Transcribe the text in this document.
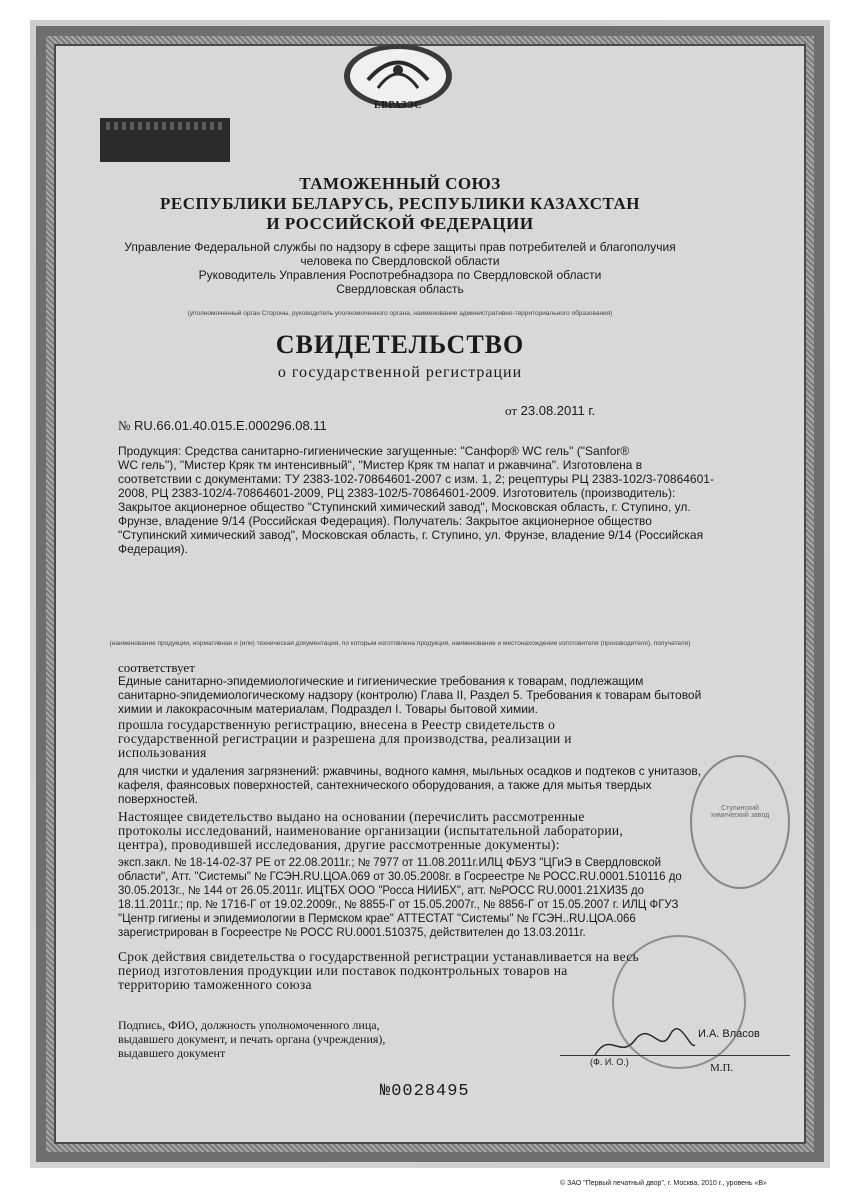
ЕВРАЗЭС
ТАМОЖЕННЫЙ СОЮЗ
РЕСПУБЛИКИ БЕЛАРУСЬ, РЕСПУБЛИКИ КАЗАХСТАН
И РОССИЙСКОЙ ФЕДЕРАЦИИ
Управление Федеральной службы по надзору в сфере защиты прав потребителей и благополучия
человека по Свердловской области
Руководитель Управления Роспотребнадзора по Свердловской области
Свердловская область
(уполномоченный орган Стороны, руководитель уполномоченного органа, наименование административно-территориального образования)
СВИДЕТЕЛЬСТВО
о государственной регистрации
№ RU.66.01.40.015.Е.000296.08.11
от 23.08.2011 г.
Продукция: Средства санитарно-гигиенические загущенные: "Санфор® WC гель" ("Sanfor®
WC гель"), "Мистер Кряк тм интенсивный", "Мистер Кряк тм напат и ржавчина". Изготовлена в
соответствии с документами: ТУ 2383-102-70864601-2007 с изм. 1, 2; рецептуры РЦ 2383-102/3-70864601-
2008, РЦ 2383-102/4-70864601-2009, РЦ 2383-102/5-70864601-2009. Изготовитель (производитель):
Закрытое акционерное общество "Ступинский химический завод", Московская область, г. Ступино, ул.
Фрунзе, владение 9/14 (Российская Федерация). Получатель: Закрытое акционерное общество
"Ступинский химический завод", Московская область, г. Ступино, ул. Фрунзе, владение 9/14 (Российская
Федерация).
(наименование продукции, нормативная и (или) техническая документация, по которым изготовлена продукция, наименование и местонахождение изготовителя (производителя), получателя)
соответствует
Единые санитарно-эпидемиологические и гигиенические требования к товарам, подлежащим
санитарно-эпидемиологическому надзору (контролю) Глава II, Раздел 5. Требования к товарам бытовой
химии и лакокрасочным материалам, Подраздел I. Товары бытовой химии.
прошла государственную регистрацию, внесена в Реестр свидетельств о
государственной регистрации и разрешена для производства, реализации и
использования
для чистки и удаления загрязнений: ржавчины, водного камня, мыльных осадков и подтеков с унитазов,
кафеля, фаянсовых поверхностей, сантехнического оборудования, а также для мытья твердых
поверхностей.
Настоящее свидетельство выдано на основании (перечислить рассмотренные
протоколы исследований, наименование организации (испытательной лаборатории,
центра), проводившей исследования, другие рассмотренные документы):
эксп.закл. № 18-14-02-37 РЕ от 22.08.2011г.; № 7977 от 11.08.2011г.ИЛЦ ФБУЗ "ЦГиЭ в Свердловской
области", Атт. "Системы" № ГСЭН.RU.ЦОА.069 от 30.05.2008г. в Госреестре № РОСС.RU.0001.510116 до
30.05.2013г., № 144 от 26.05.2011г. ИЦТБХ ООО "Росса НИИБХ", атт. №РОСС RU.0001.21ХИ35 до
18.11.2011г.; пр. № 1716-Г от 19.02.2009г., № 8855-Г от 15.05.2007г., № 8856-Г от 15.05.2007 г. ИЛЦ ФГУЗ
"Центр гигиены и эпидемиологии в Пермском крае" АТТЕСТАТ "Системы" № ГСЭН..RU.ЦОА.066
зарегистрирован в Госреестре № РОСС RU.0001.510375, действителен до 13.03.2011г.
Срок действия свидетельства о государственной регистрации устанавливается на весь
период изготовления продукции или поставок подконтрольных товаров на
территорию таможенного союза
Подпись, ФИО, должность уполномоченного лица,
выдавшего документ, и печать органа (учреждения),
выдавшего документ
И.А. Власов
(Ф. И. О.)	М.П.
Ступинский химический завод
№0028495
© ЗАО "Первый печатный двор", г. Москва, 2010 г., уровень «В»
